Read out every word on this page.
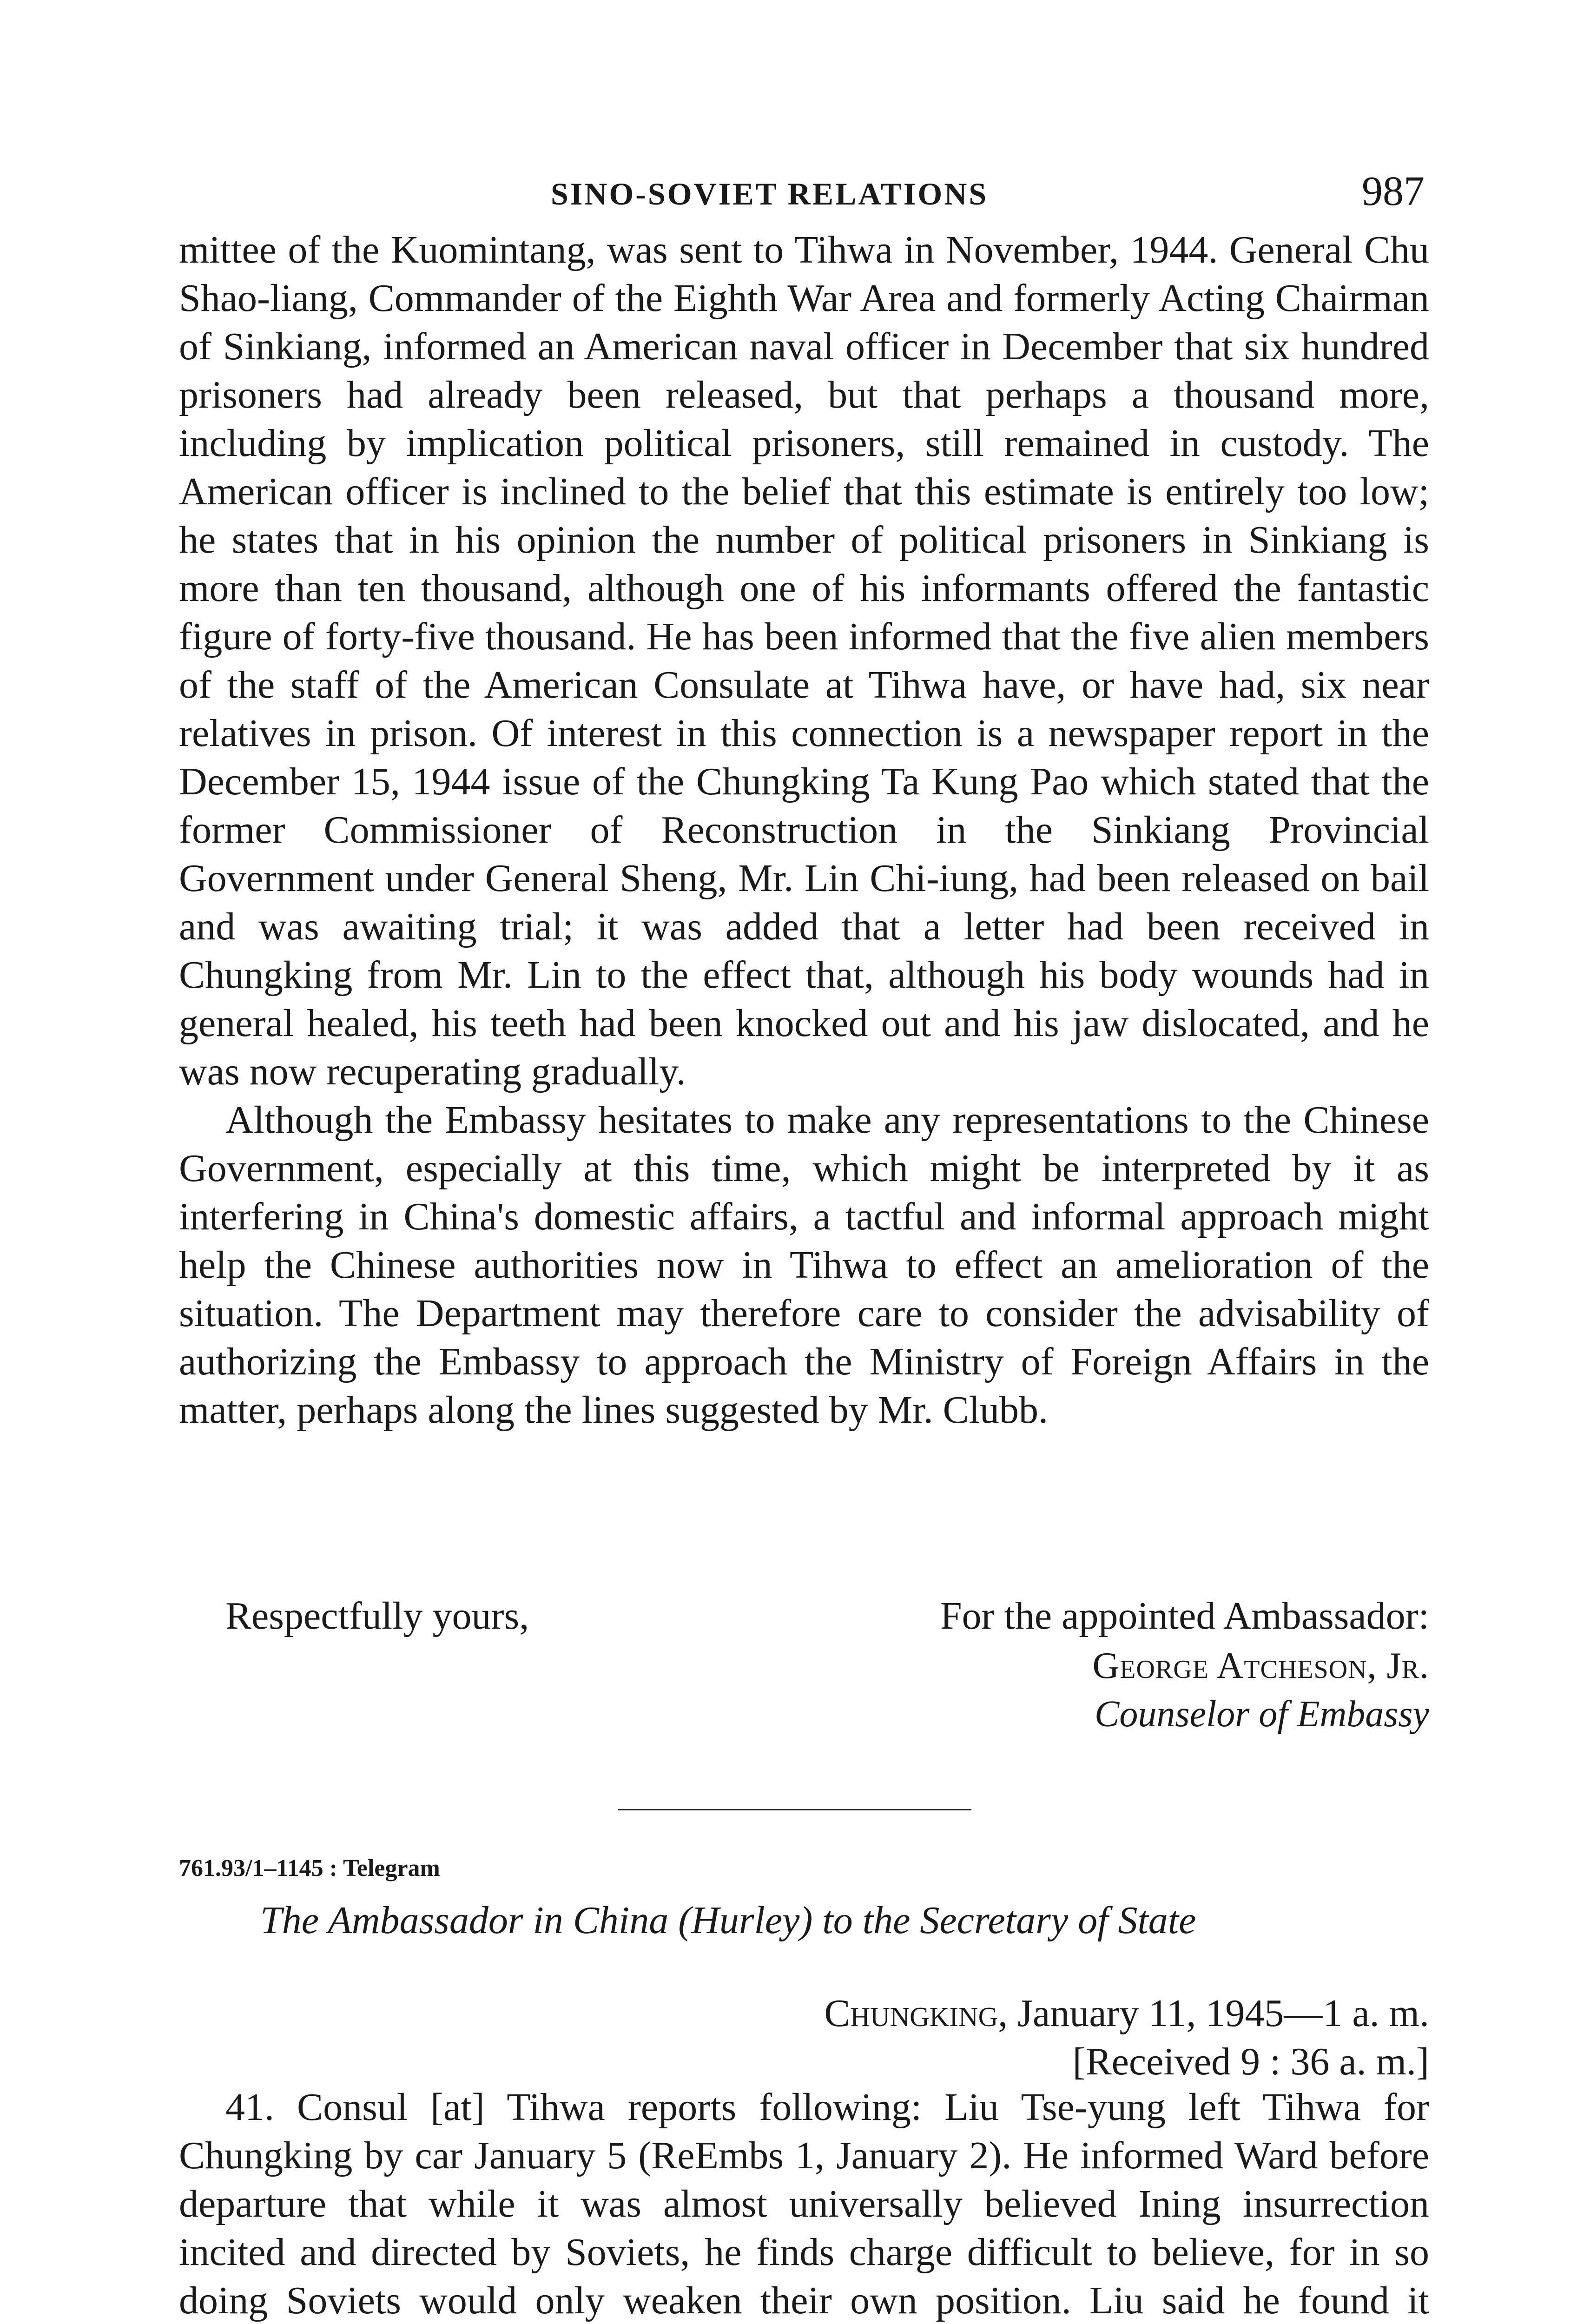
SINO-SOVIET RELATIONS	987

mittee of the Kuomintang, was sent to Tihwa in November, 1944. General Chu Shao-liang, Commander of the Eighth War Area and formerly Acting Chairman of Sinkiang, informed an American naval officer in December that six hundred prisoners had already been released, but that perhaps a thousand more, including by implication political prisoners, still remained in custody. The American officer is inclined to the belief that this estimate is entirely too low; he states that in his opinion the number of political prisoners in Sinkiang is more than ten thousand, although one of his informants offered the fantastic figure of forty-five thousand. He has been informed that the five alien members of the staff of the American Consulate at Tihwa have, or have had, six near relatives in prison. Of interest in this connection is a newspaper report in the December 15, 1944 issue of the Chungking Ta Kung Pao which stated that the former Commissioner of Reconstruction in the Sinkiang Provincial Government under General Sheng, Mr. Lin Chi-iung, had been released on bail and was awaiting trial; it was added that a letter had been received in Chungking from Mr. Lin to the effect that, although his body wounds had in general healed, his teeth had been knocked out and his jaw dislocated, and he was now recuperating gradually.

Although the Embassy hesitates to make any representations to the Chinese Government, especially at this time, which might be interpreted by it as interfering in China's domestic affairs, a tactful and informal approach might help the Chinese authorities now in Tihwa to effect an amelioration of the situation. The Department may therefore care to consider the advisability of authorizing the Embassy to approach the Ministry of Foreign Affairs in the matter, perhaps along the lines suggested by Mr. Clubb.

Respectfully yours,	For the appointed Ambassador:
George Atcheson, Jr.
Counselor of Embassy
761.93/1–1145 : Telegram
The Ambassador in China (Hurley) to the Secretary of State
Chungking, January 11, 1945—1 a. m.
[Received 9 : 36 a. m.]

41. Consul [at] Tihwa reports following: Liu Tse-yung left Tihwa for Chungking by car January 5 (ReEmbs 1, January 2). He informed Ward before departure that while it was almost universally believed Ining insurrection incited and directed by Soviets, he finds charge difficult to believe, for in so doing Soviets would only weaken their own position. Liu said he found it
